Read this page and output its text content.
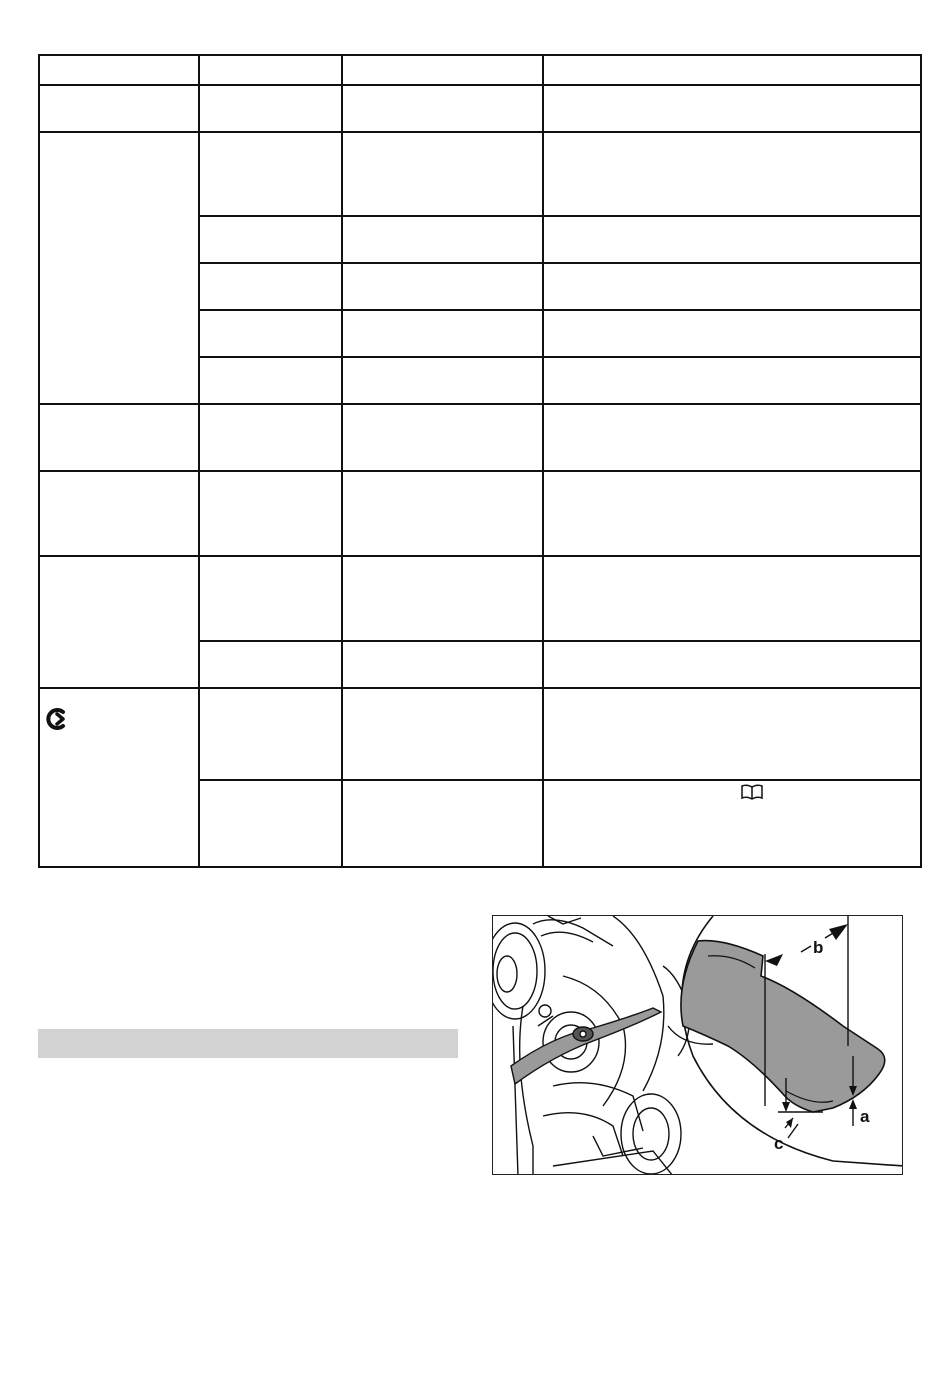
b
a
c
